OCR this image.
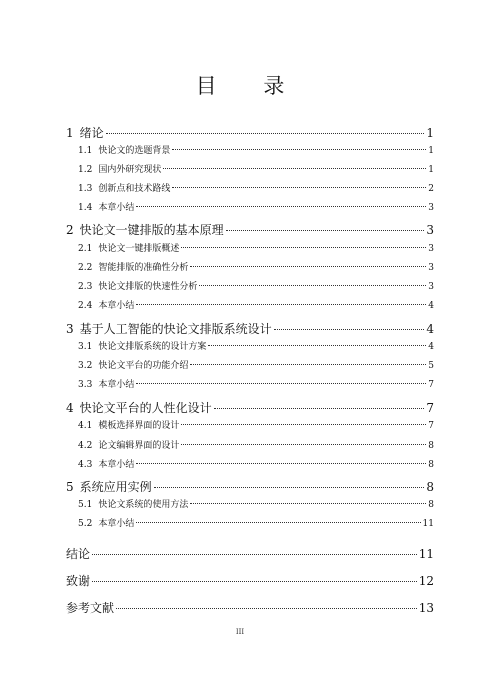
目 录
1 绪论	1
1.1 快论文的选题背景	1
1.2 国内外研究现状	1
1.3 创新点和技术路线	2
1.4 本章小结	3
2 快论文一键排版的基本原理	3
2.1 快论文一键排版概述	3
2.2 智能排版的准确性分析	3
2.3 快论文排版的快速性分析	3
2.4 本章小结	4
3 基于人工智能的快论文排版系统设计	4
3.1 快论文排版系统的设计方案	4
3.2 快论文平台的功能介绍	5
3.3 本章小结	7
4 快论文平台的人性化设计	7
4.1 模板选择界面的设计	7
4.2 论文编辑界面的设计	8
4.3 本章小结	8
5 系统应用实例	8
5.1 快论文系统的使用方法	8
5.2 本章小结	11
结论	11
致谢	12
参考文献	13
III
